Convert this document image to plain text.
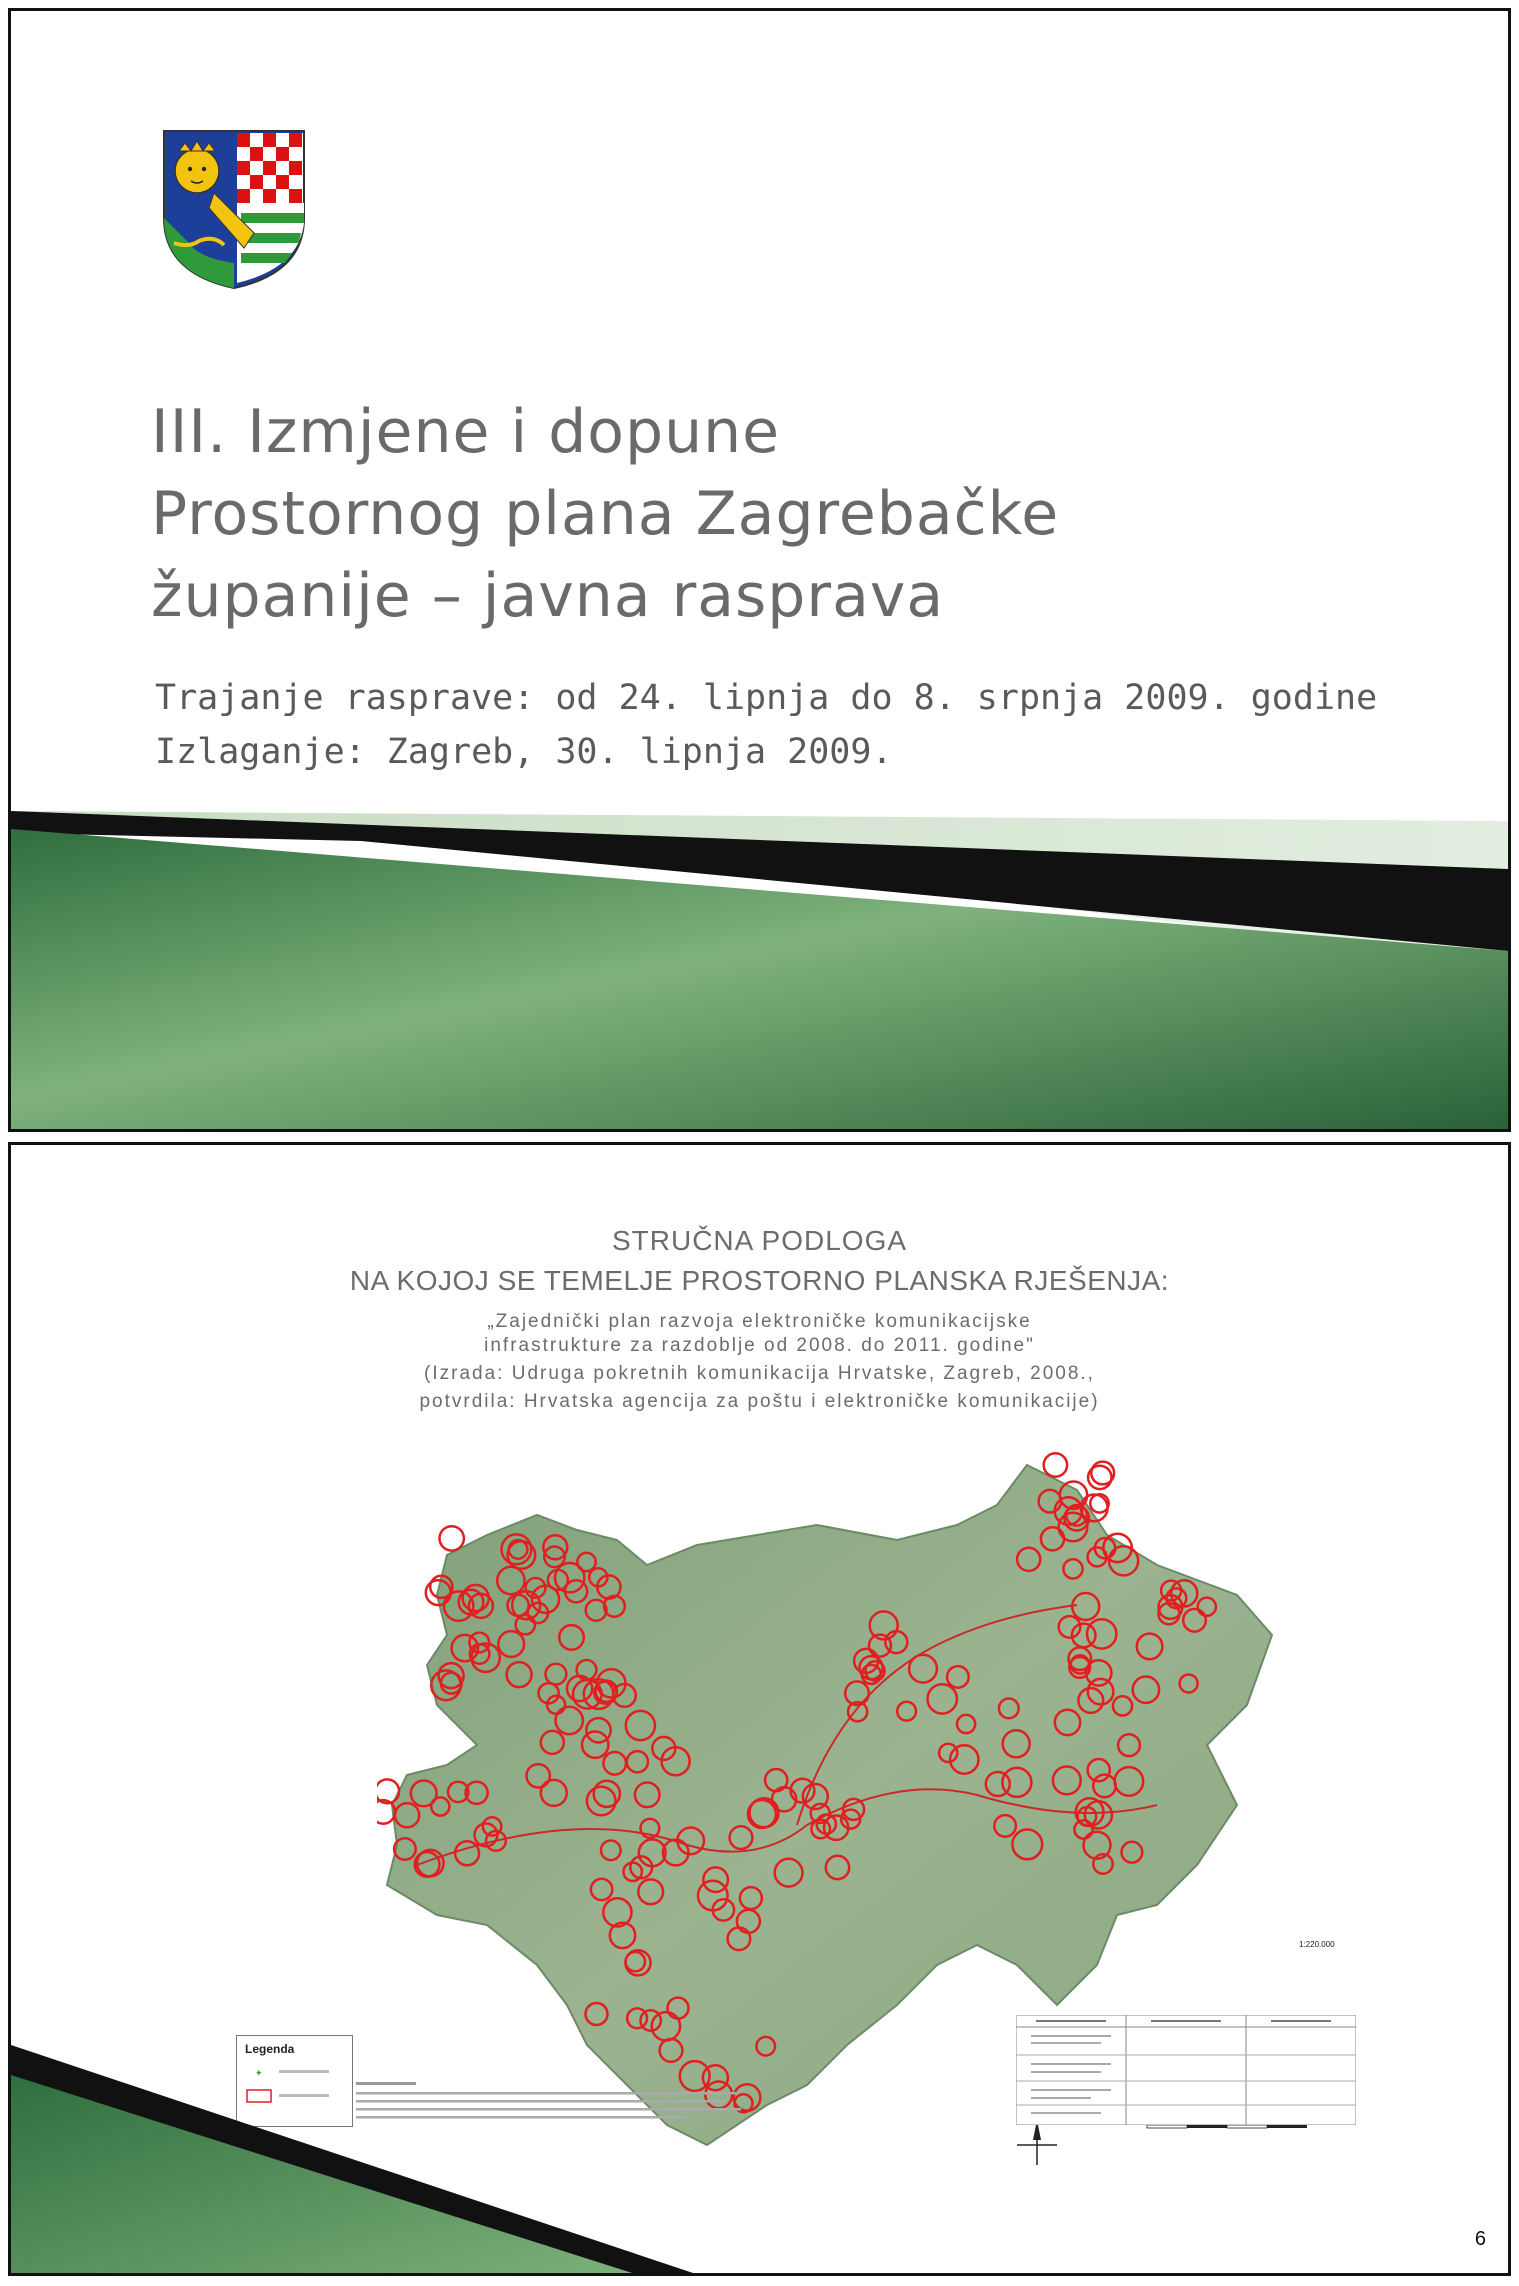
III. Izmjene i dopune
Prostornog plana Zagrebačke
županije – javna rasprava
Trajanje rasprave: od 24. lipnja do 8. srpnja 2009. godine
Izlaganje: Zagreb, 30. lipnja 2009.
STRUČNA PODLOGA
NA KOJOJ SE TEMELJE PROSTORNO PLANSKA RJEŠENJA:
„Zajednički plan razvoja elektroničke komunikacijske
infrastrukture za razdoblje od 2008. do 2011. godine"
(Izrada: Udruga pokretnih komunikacija Hrvatske, Zagreb, 2008.,
potvrdila: Hrvatska agencija za poštu i elektroničke komunikacije)
1:220.000
Legenda
✦
6
